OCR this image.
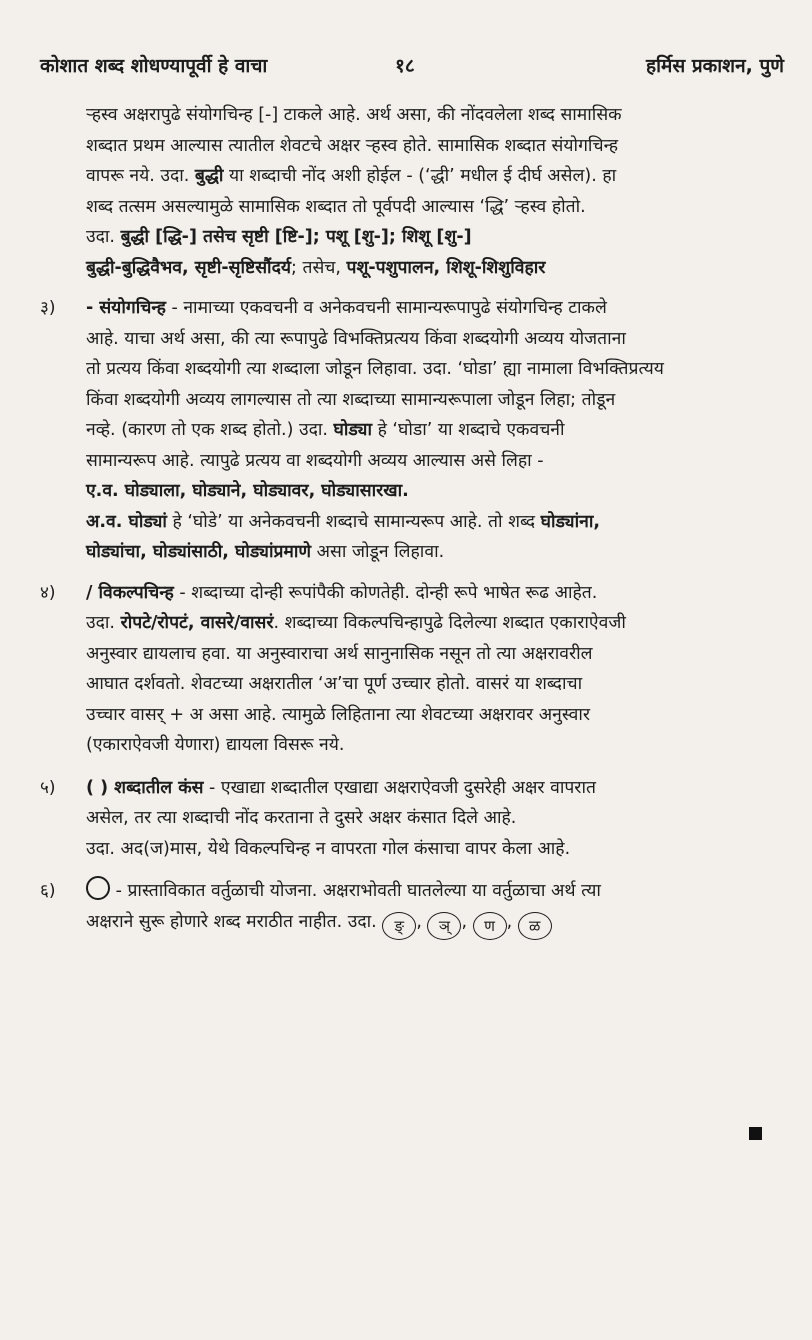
कोशात शब्द शोधण्यापूर्वी हे वाचा	१८	हर्मिस प्रकाशन, पुणे
ऱ्हस्व अक्षरापुढे संयोगचिन्ह [-] टाकले आहे. अर्थ असा, की नोंदवलेला शब्द सामासिक
शब्दात प्रथम आल्यास त्यातील शेवटचे अक्षर ऱ्हस्व होते. सामासिक शब्दात संयोगचिन्ह
वापरू नये. उदा. बुद्धी या शब्दाची नोंद अशी होईल - (‘द्धी’ मधील ई दीर्घ असेल). हा
शब्द तत्सम असल्यामुळे सामासिक शब्दात तो पूर्वपदी आल्यास ‘द्धि’ ऱ्हस्व होतो.
उदा. बुद्धी [द्धि-] तसेच सृष्टी [ष्टि-]; पशू [शु-]; शिशू [शु-]
बुद्धी-बुद्धिवैभव, सृष्टी-सृष्टिसौंदर्य; तसेच, पशू-पशुपालन, शिशू-शिशुविहार
३) - संयोगचिन्ह - नामाच्या एकवचनी व अनेकवचनी सामान्यरूपापुढे संयोगचिन्ह टाकले
आहे. याचा अर्थ असा, की त्या रूपापुढे विभक्तिप्रत्यय किंवा शब्दयोगी अव्यय योजताना
तो प्रत्यय किंवा शब्दयोगी त्या शब्दाला जोडून लिहावा. उदा. ‘घोडा’ ह्या नामाला विभक्तिप्रत्यय
किंवा शब्दयोगी अव्यय लागल्यास तो त्या शब्दाच्या सामान्यरूपाला जोडून लिहा; तोडून
नव्हे. (कारण तो एक शब्द होतो.) उदा. घोड्या हे ‘घोडा’ या शब्दाचे एकवचनी
सामान्यरूप आहे. त्यापुढे प्रत्यय वा शब्दयोगी अव्यय आल्यास असे लिहा -
ए.व. घोड्याला, घोड्याने, घोड्यावर, घोड्यासारखा.
अ.व. घोड्यां हे ‘घोडे’ या अनेकवचनी शब्दाचे सामान्यरूप आहे. तो शब्द घोड्यांना,
घोड्यांचा, घोड्यांसाठी, घोड्यांप्रमाणे असा जोडून लिहावा.
४) / विकल्पचिन्ह - शब्दाच्या दोन्ही रूपांपैकी कोणतेही. दोन्ही रूपे भाषेत रूढ आहेत.
उदा. रोपटे/रोपटं, वासरे/वासरं. शब्दाच्या विकल्पचिन्हापुढे दिलेल्या शब्दात एकाराऐवजी
अनुस्वार द्यायलाच हवा. या अनुस्वाराचा अर्थ सानुनासिक नसून तो त्या अक्षरावरील
आघात दर्शवतो. शेवटच्या अक्षरातील ‘अ’चा पूर्ण उच्चार होतो. वासरं या शब्दाचा
उच्चार वासर् + अ असा आहे. त्यामुळे लिहिताना त्या शेवटच्या अक्षरावर अनुस्वार
(एकाराऐवजी येणारा) द्यायला विसरू नये.
५) ( ) शब्दातील कंस - एखाद्या शब्दातील एखाद्या अक्षराऐवजी दुसरेही अक्षर वापरात
असेल, तर त्या शब्दाची नोंद करताना ते दुसरे अक्षर कंसात दिले आहे.
उदा. अद(ज)मास, येथे विकल्पचिन्ह न वापरता गोल कंसाचा वापर केला आहे.
६)	- प्रास्ताविकात वर्तुळाची योजना. अक्षराभोवती घातलेल्या या वर्तुळाचा अर्थ त्या
अक्षराने सुरू होणारे शब्द मराठीत नाहीत. उदा. ङ् , ञ् , ण , ळ
